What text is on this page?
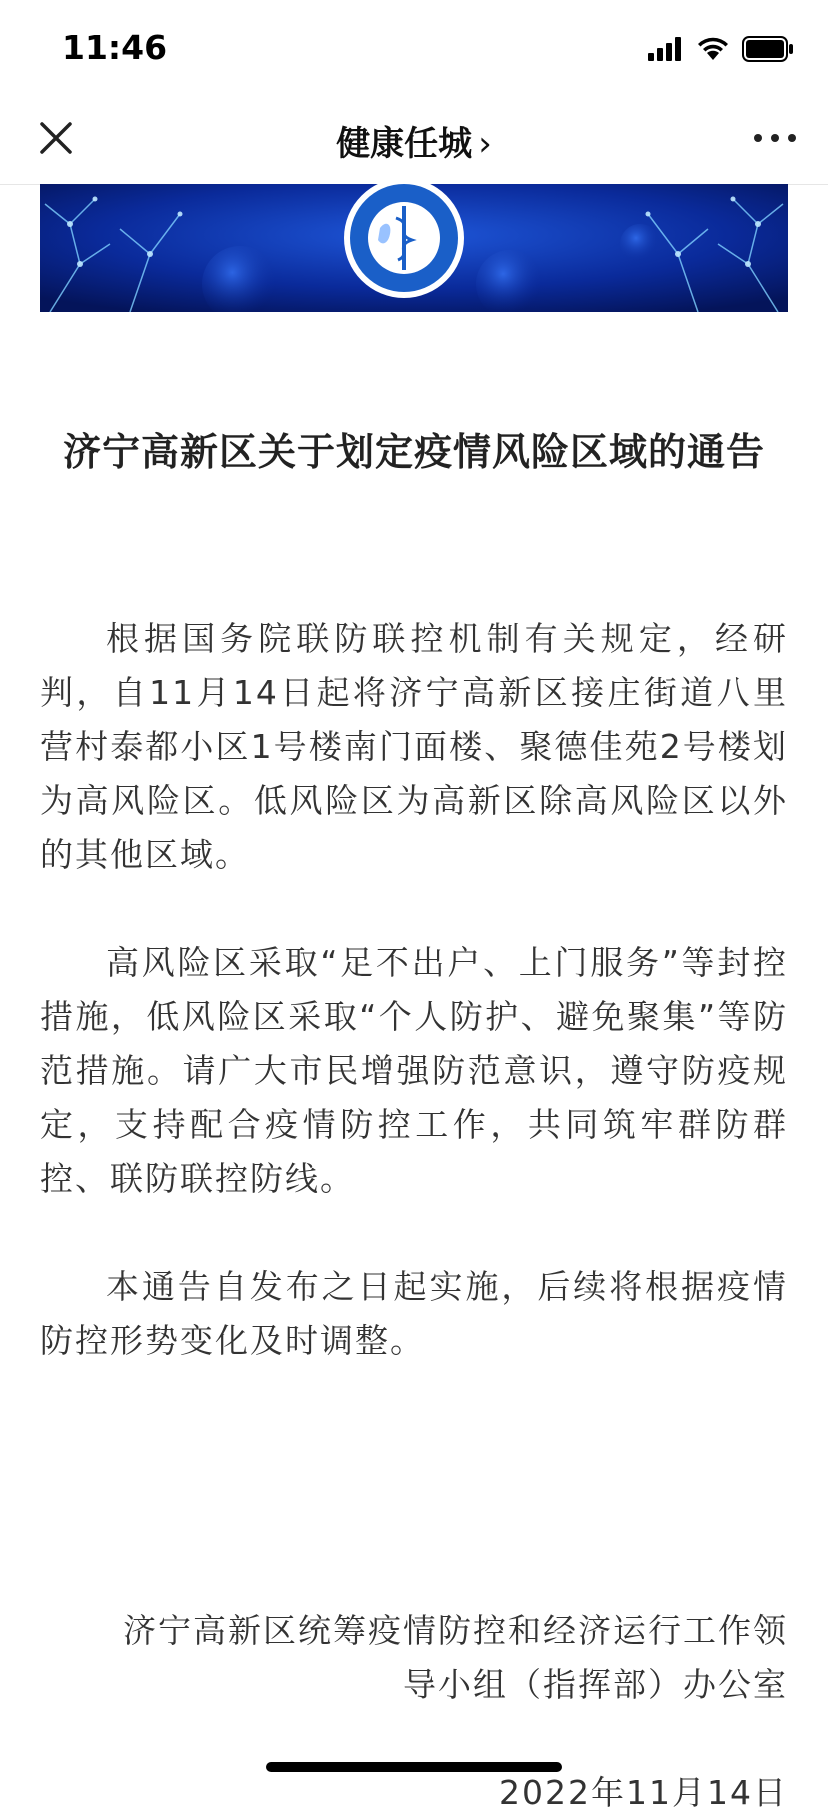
11:46
健康任城 ›
济宁高新区关于划定疫情风险区域的通告

根据国务院联防联控机制有关规定，经研判，自11月14日起将济宁高新区接庄街道八里营村泰都小区1号楼南门面楼、聚德佳苑2号楼划为高风险区。低风险区为高新区除高风险区以外的其他区域。

高风险区采取“足不出户、上门服务”等封控措施，低风险区采取“个人防护、避免聚集”等防范措施。请广大市民增强防范意识，遵守防疫规定，支持配合疫情防控工作，共同筑牢群防群控、联防联控防线。

本通告自发布之日起实施，后续将根据疫情防控形势变化及时调整。

济宁高新区统筹疫情防控和经济运行工作领导小组（指挥部）办公室
2022年11月14日
